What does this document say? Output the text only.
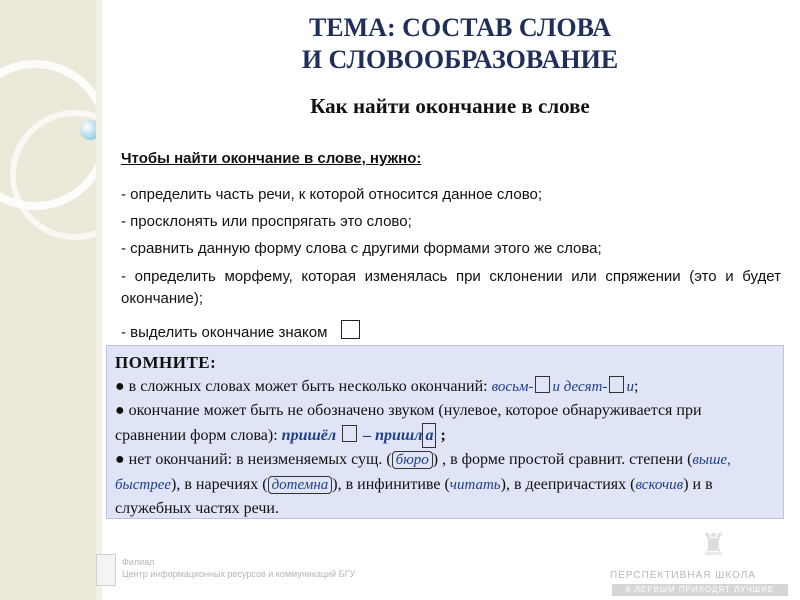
ТЕМА: СОСТАВ СЛОВА
И СЛОВООБРАЗОВАНИЕ
Как найти окончание в слове
Чтобы найти окончание в слове, нужно:
- определить часть речи, к которой относится данное слово;
- просклонять или проспрягать это слово;
- сравнить данную форму слова с другими формами этого же слова;
- определить морфему, которая изменялась при склонении или спряжении (это и будет окончание);
- выделить окончание знаком
ПОМНИТЕ:
● в сложных словах может быть несколько окончаний: восьм- и десят- и;
● окончание может быть не обозначено звуком (нулевое, которое обнаруживается при сравнении форм слова): пришёл – пришл а ;
● нет окончаний: в неизменяемых сущ. ( бюро ) , в форме простой сравнит. степени (выше, быстрее), в наречиях ( дотемна ), в инфинитиве (читать), в деепричастиях (вскочив) и в служебных частях речи.
Филиал
Центр информационных ресурсов и коммуникаций БГУ
♜
ПЕРСПЕКТИВНАЯ ШКОЛА
К ЛЕРВЫМ ПРИХОДЯТ ЛУЧШИЕ
